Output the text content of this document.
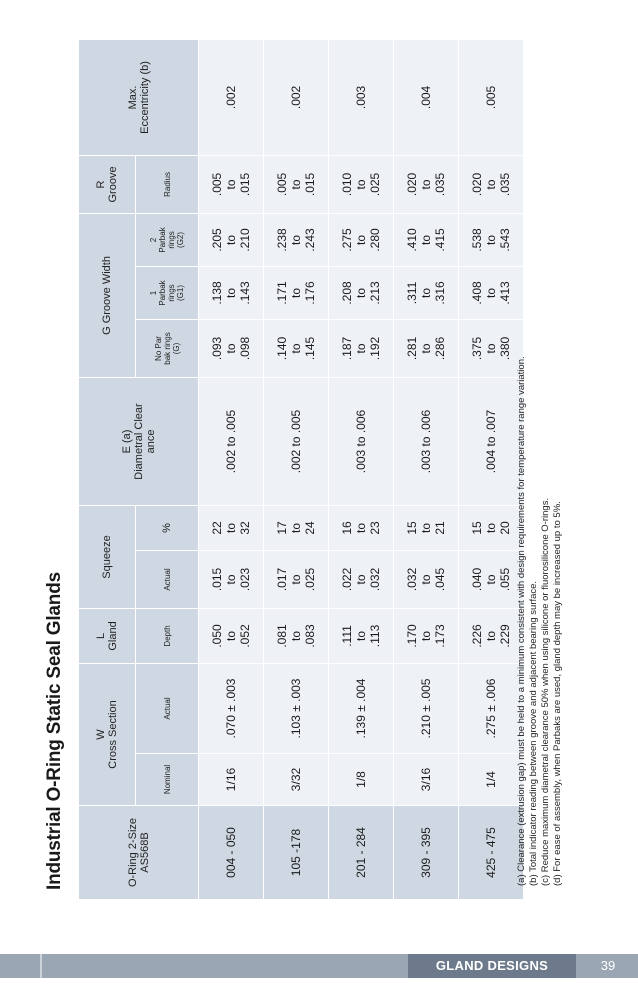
Industrial O-Ring Static Seal Glands	O-Ring 2-Size AS568B	W Cross Section		L Gland	Squeeze		E (a) Diametral Clear ance	G Groove Width			R Groove	Max. Eccentricity (b)

	Nominal	Actual	Depth	Actual	%		No Par bak rings (G)	1 Parbak rings (G1)	2 Parbak rings (G2)	Radius	
004 - 050	1/16	.070 ± .003	.050 to .052	.015 to .023	22 to 32	.002 to .005	.093 to .098	.138 to .143	.205 to .210	.005 to .015	.002
105 -178	3/32	.103 ± .003	.081 to .083	.017 to .025	17 to 24	.002 to .005	.140 to .145	.171 to .176	.238 to .243	.005 to .015	.002
201 - 284	1/8	.139 ± .004	.111 to .113	.022 to .032	16 to 23	.003 to .006	.187 to .192	.208 to .213	.275 to .280	.010 to .025	.003
309 - 395	3/16	.210 ± .005	.170 to .173	.032 to .045	15 to 21	.003 to .006	.281 to .286	.311 to .316	.410 to .415	.020 to .035	.004
425 - 475	1/4	.275 ± .006	.226 to .229	.040 to .055	15 to 20	.004 to .007	.375 to .380	.408 to .413	.538 to .543	.020 to .035	.005
(a) Clearance (extrusion gap) must be held to a minimum consistent with design requirements for temperature range variation. (b) Total indicator reading between groove and adjacent bearing surface. (c) Reduce maximum diametral clearance 50% when using silicone or fluorosilicone O-rings. (d) For ease of assembly, when Parbaks are used, gland depth may be increased up to 5%.
GLAND DESIGNS	39
